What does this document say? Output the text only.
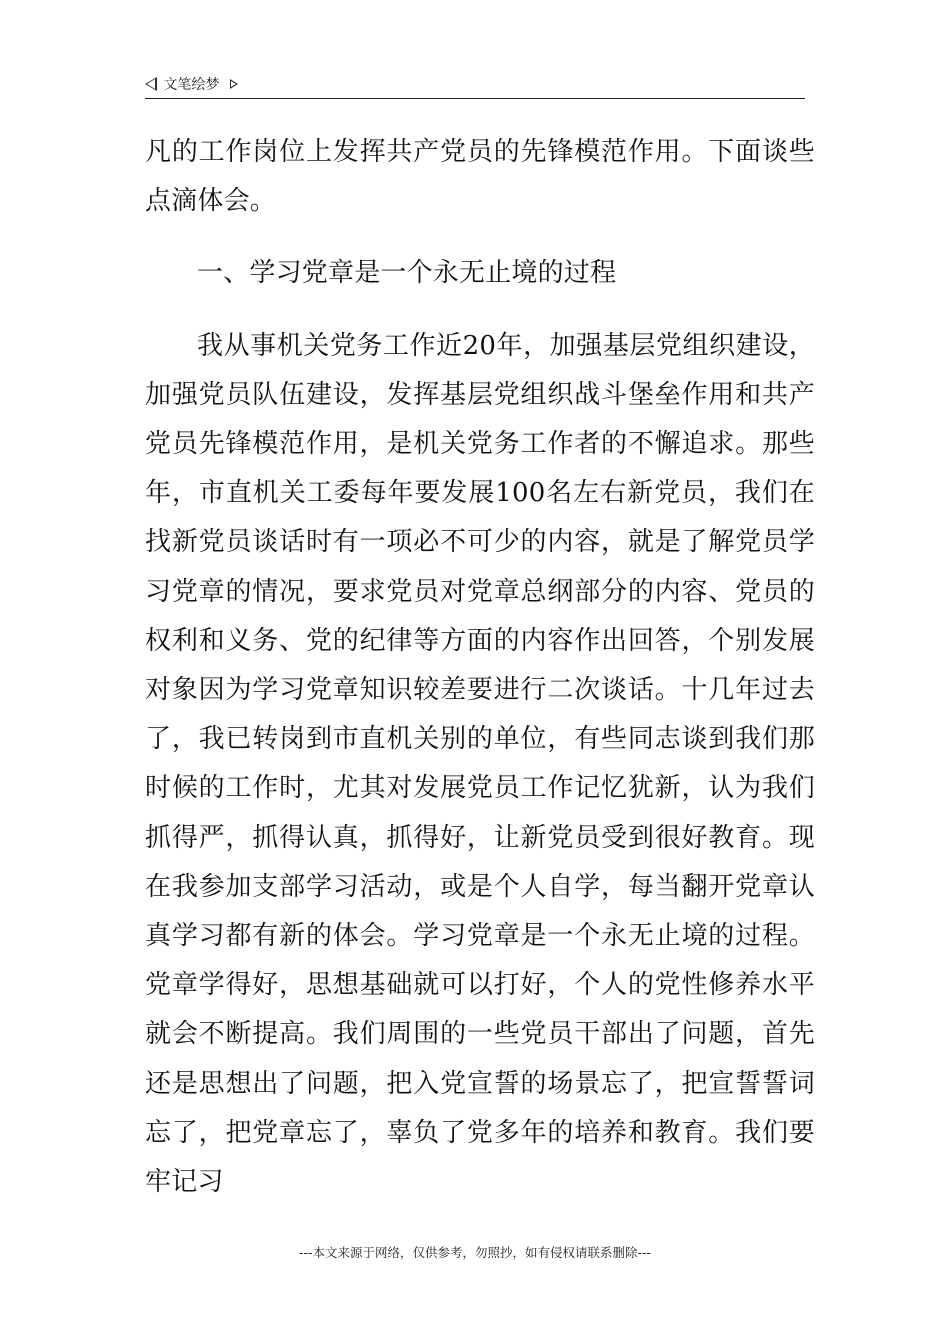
文笔绘梦

凡的工作岗位上发挥共产党员的先锋模范作用。下面谈些点滴体会。

一、学习党章是一个永无止境的过程

我从事机关党务工作近20年，加强基层党组织建设，加强党员队伍建设，发挥基层党组织战斗堡垒作用和共产党员先锋模范作用，是机关党务工作者的不懈追求。那些年，市直机关工委每年要发展100名左右新党员，我们在找新党员谈话时有一项必不可少的内容，就是了解党员学习党章的情况，要求党员对党章总纲部分的内容、党员的权利和义务、党的纪律等方面的内容作出回答，个别发展对象因为学习党章知识较差要进行二次谈话。十几年过去了，我已转岗到市直机关别的单位，有些同志谈到我们那时候的工作时，尤其对发展党员工作记忆犹新，认为我们抓得严，抓得认真，抓得好，让新党员受到很好教育。现在我参加支部学习活动，或是个人自学，每当翻开党章认真学习都有新的体会。学习党章是一个永无止境的过程。党章学得好，思想基础就可以打好，个人的党性修养水平就会不断提高。我们周围的一些党员干部出了问题，首先还是思想出了问题，把入党宣誓的场景忘了，把宣誓誓词忘了，把党章忘了，辜负了党多年的培养和教育。我们要牢记习

---本文来源于网络，仅供参考，勿照抄，如有侵权请联系删除---
